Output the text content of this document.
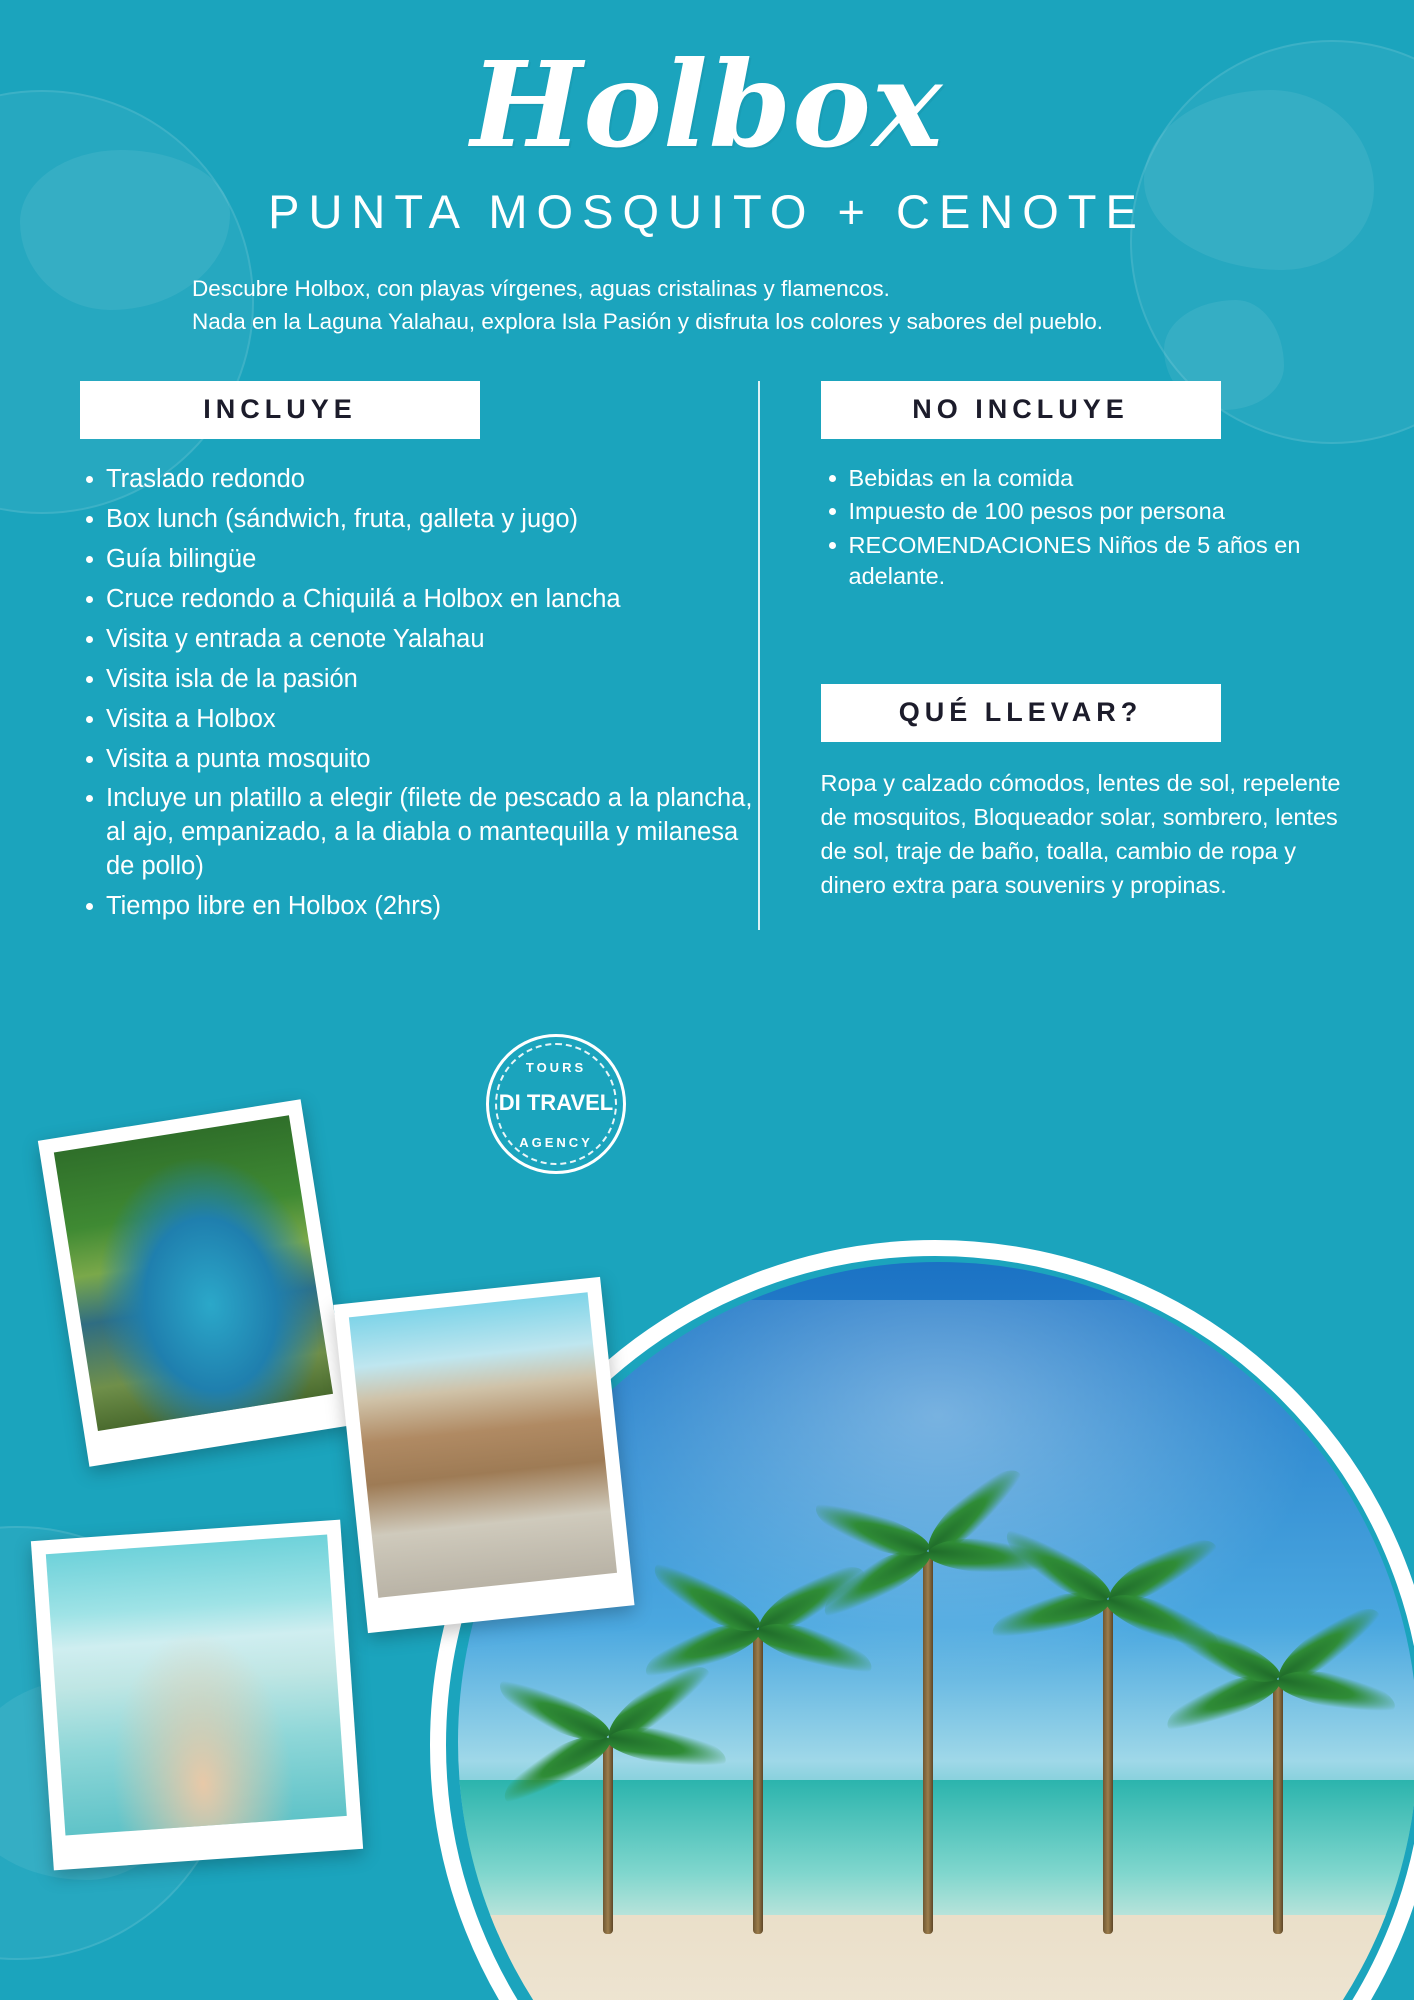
Holbox
PUNTA MOSQUITO + CENOTE

Descubre Holbox, con playas vírgenes, aguas cristalinas y flamencos.

Nada en la Laguna Yalahau, explora Isla Pasión y disfruta los colores y sabores del pueblo.

INCLUYE
Traslado redondo
Box lunch (sándwich, fruta, galleta y jugo)
Guía bilingüe
Cruce redondo a Chiquilá a Holbox en lancha
Visita y entrada a cenote Yalahau
Visita isla de la pasión
Visita a Holbox
Visita a punta mosquito
Incluye un platillo a elegir (filete de pescado a la plancha, al ajo, empanizado, a la diabla o mantequilla y milanesa de pollo)
Tiempo libre en Holbox (2hrs)
NO INCLUYE
Bebidas en la comida
Impuesto de 100 pesos por persona
RECOMENDACIONES Niños de 5 años en adelante.
QUÉ LLEVAR?
Ropa y calzado cómodos, lentes de sol, repelente de mosquitos, Bloqueador solar, sombrero, lentes de sol, traje de baño, toalla, cambio de ropa y dinero extra para souvenirs y propinas.
TOURS
DI TRAVEL
AGENCY
